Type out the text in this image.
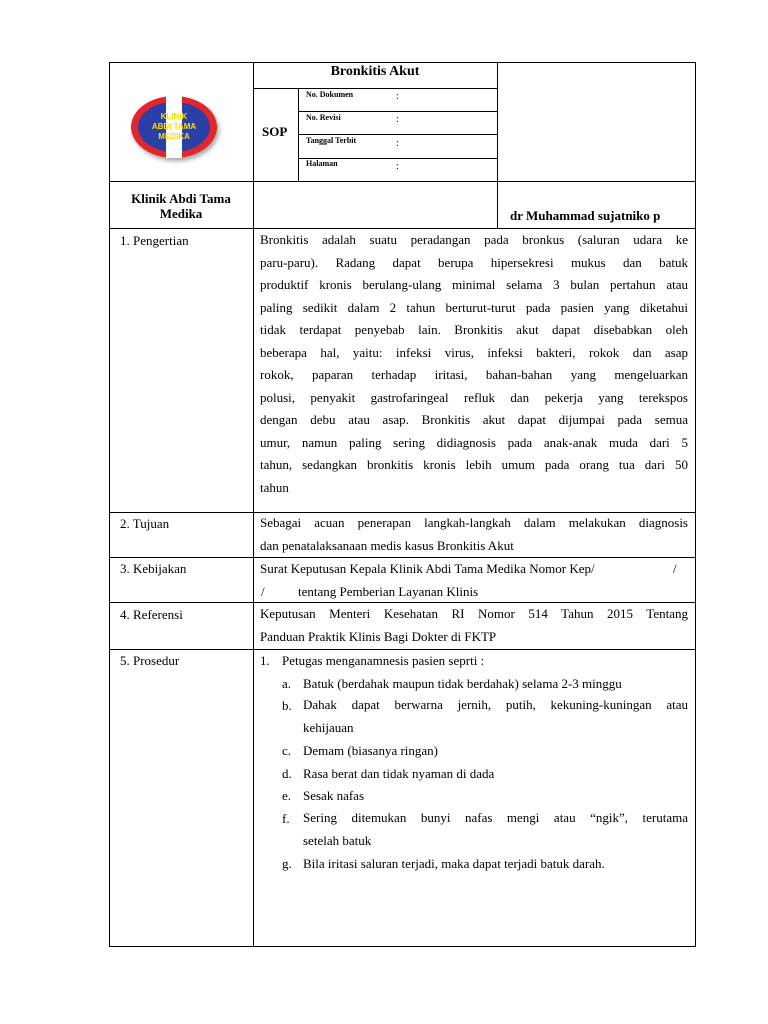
KLINIK
ABDI TAMA
MEDIKA
Bronkitis Akut
SOP
No. Dokumen	:
No. Revisi	:
Tanggal Terbit	:
Halaman	:
Klinik Abdi Tama
Medika	dr Muhammad sujatniko p
1. Pengertian	Bronkitis adalah suatu peradangan pada bronkus (saluran udara ke
paru-paru). Radang dapat berupa hipersekresi mukus dan batuk
produktif kronis berulang-ulang minimal selama 3 bulan pertahun atau
paling sedikit dalam 2 tahun berturut-turut pada pasien yang diketahui
tidak terdapat penyebab lain. Bronkitis akut dapat disebabkan oleh
beberapa hal, yaitu: infeksi virus, infeksi bakteri, rokok dan asap
rokok, paparan terhadap iritasi, bahan-bahan yang mengeluarkan
polusi, penyakit gastrofaringeal refluk dan pekerja yang terekspos
dengan debu atau asap. Bronkitis akut dapat dijumpai pada semua
umur, namun paling sering didiagnosis pada anak-anak muda dari 5
tahun, sedangkan bronkitis kronis lebih umum pada orang tua dari 50
tahun
2. Tujuan	Sebagai acuan penerapan langkah-langkah dalam melakukan diagnosis
dan penatalaksanaan medis kasus Bronkitis Akut
3. Kebijakan	Surat Keputusan Kepala Klinik Abdi Tama Medika Nomor Kep/	/
/	tentang Pemberian Layanan Klinis
4. Referensi	Keputusan Menteri Kesehatan RI Nomor 514 Tahun 2015 Tentang
Panduan Praktik Klinis Bagi Dokter di FKTP
5. Prosedur	1. Petugas menganamnesis pasien seprti :
a. Batuk (berdahak maupun tidak berdahak) selama 2-3 minggu
b. Dahak dapat berwarna jernih, putih, kekuning-kuningan atau
kehijauan
c. Demam (biasanya ringan)
d. Rasa berat dan tidak nyaman di dada
e. Sesak nafas
f. Sering ditemukan bunyi nafas mengi atau “ngik”, terutama
setelah batuk
g. Bila iritasi saluran terjadi, maka dapat terjadi batuk darah.
